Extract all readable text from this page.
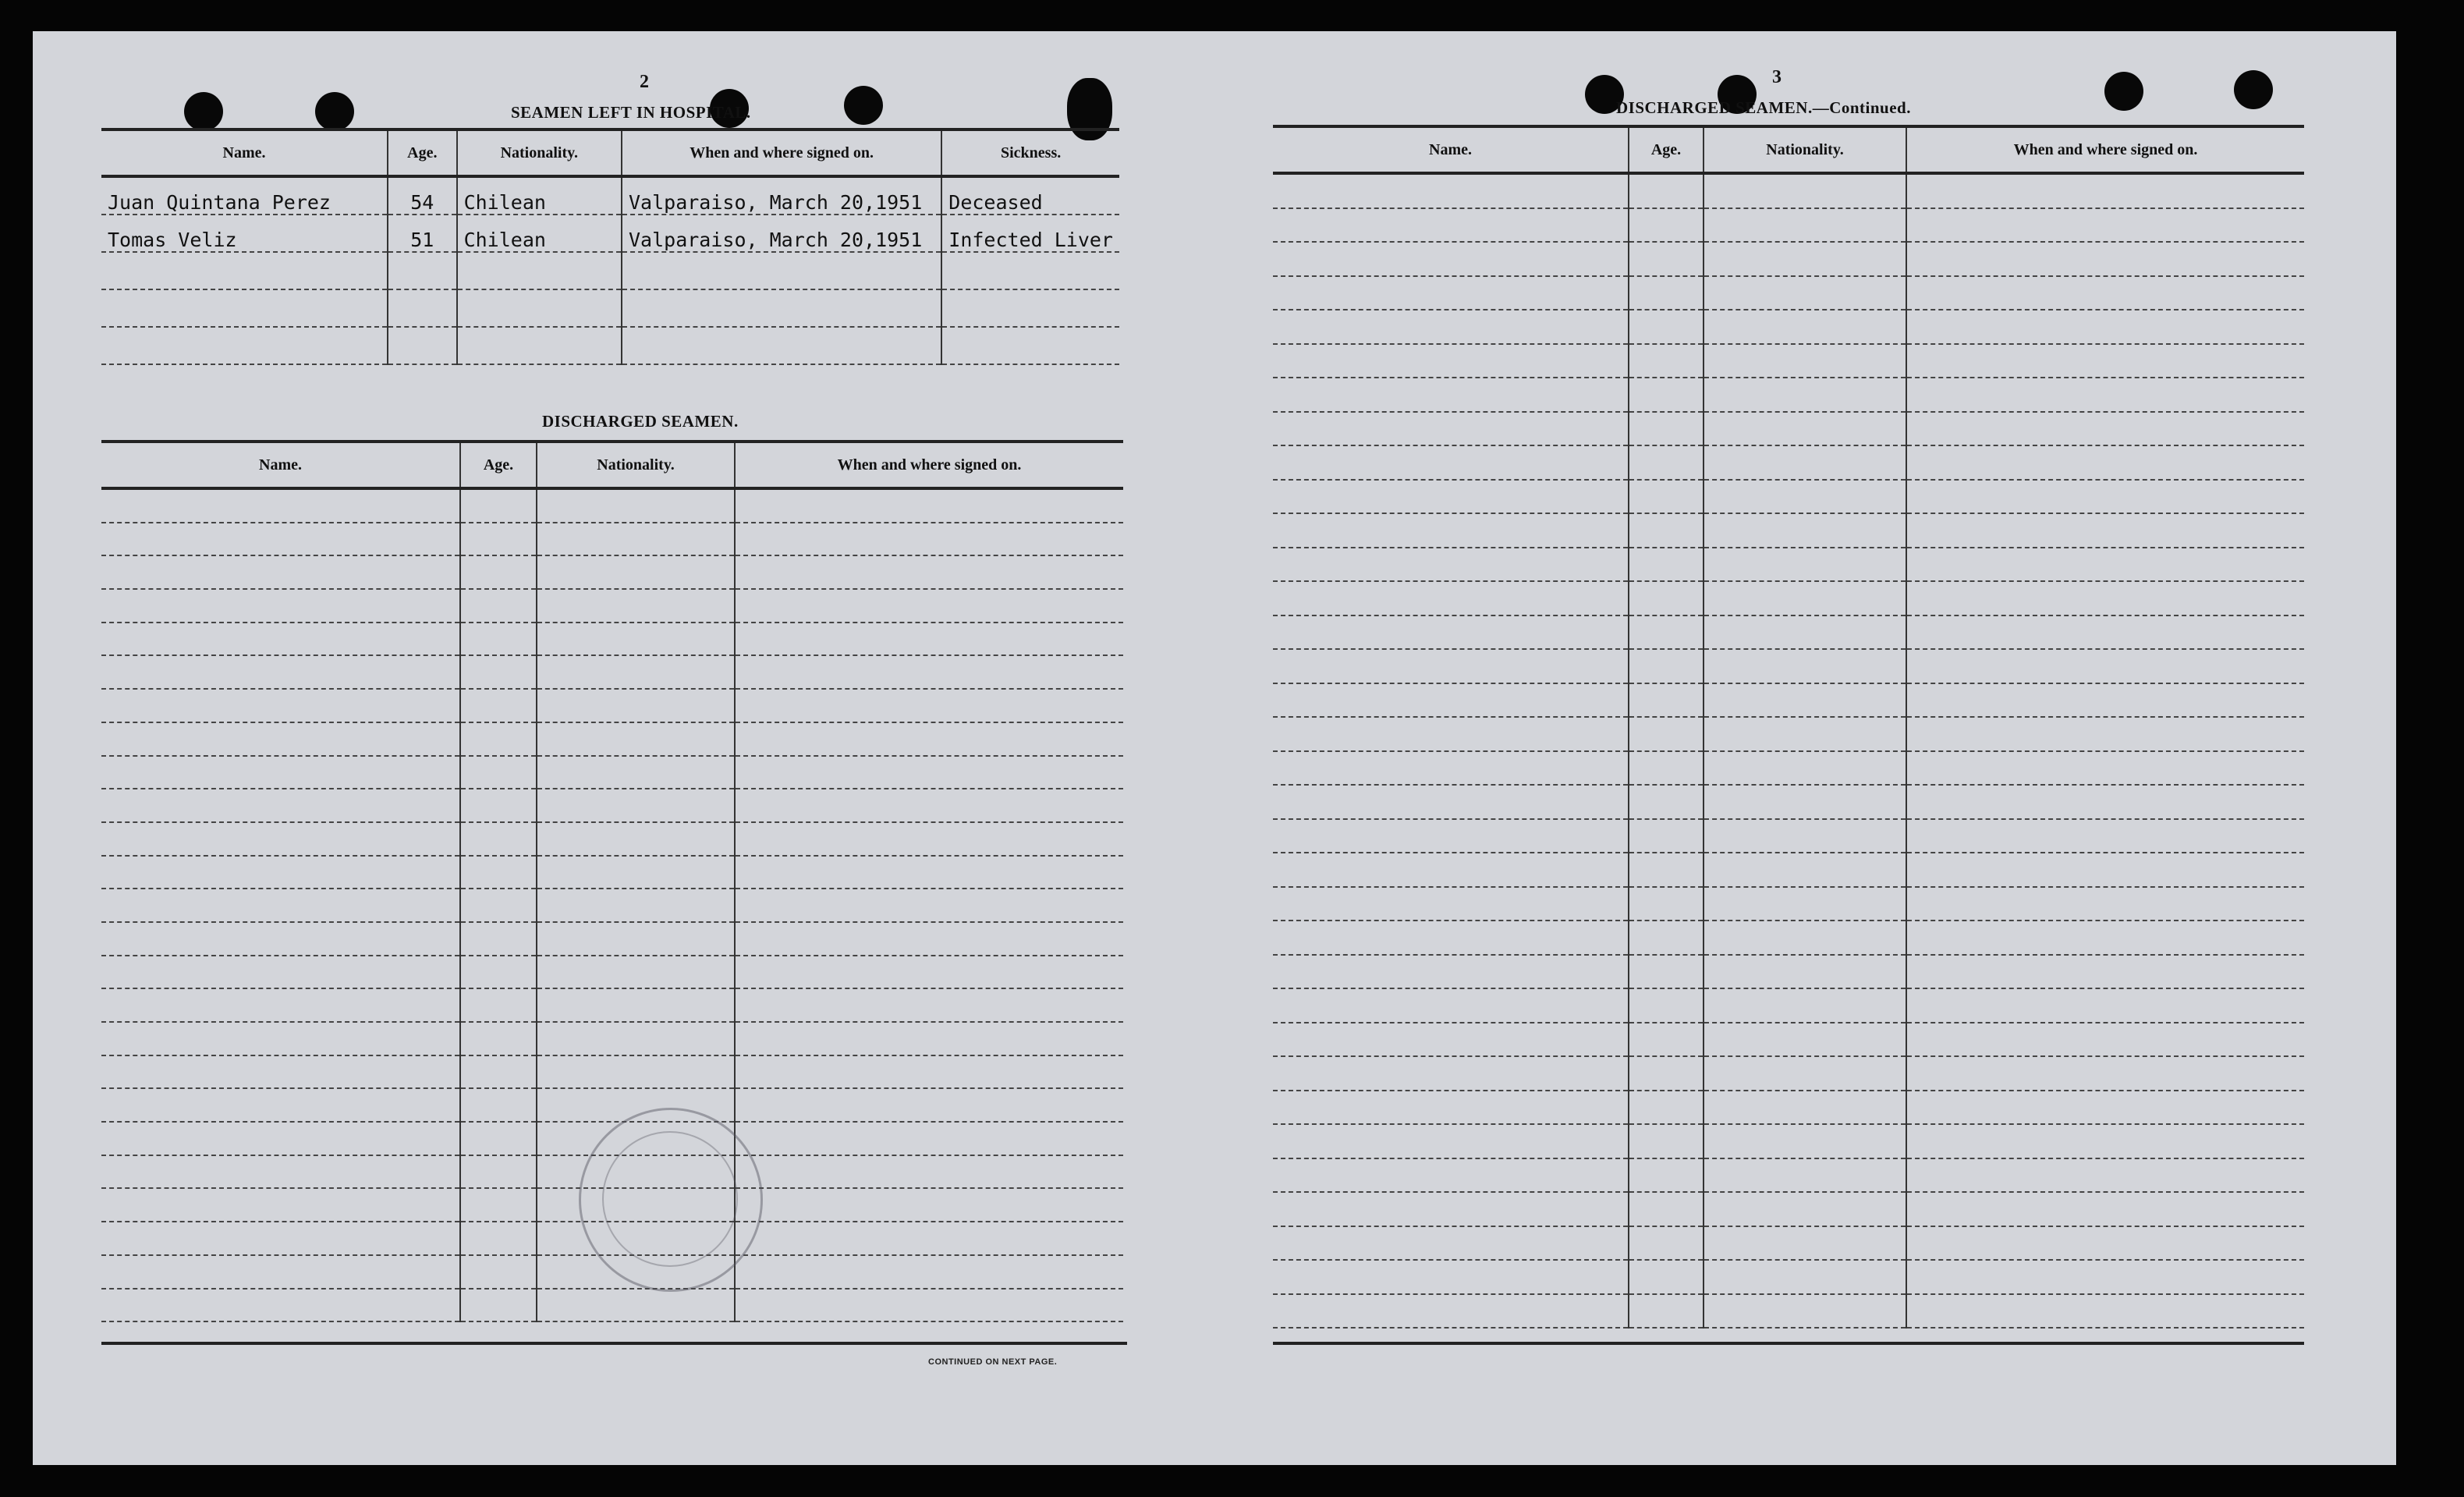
2
SEAMEN LEFT IN HOSPITAL.
Name.	Age.	Nationality.	When and where signed on.	Sickness.
Juan Quintana Perez	54	Chilean	Valparaiso, March 20,1951	Deceased
Tomas Veliz	51	Chilean	Valparaiso, March 20,1951	Infected Liver

DISCHARGED SEAMEN.
Name.	Age.	Nationality.	When and where signed on.

CONTINUED ON NEXT PAGE.
3
DISCHARGED SEAMEN.—Continued.
Name.	Age.	Nationality.	When and where signed on.
